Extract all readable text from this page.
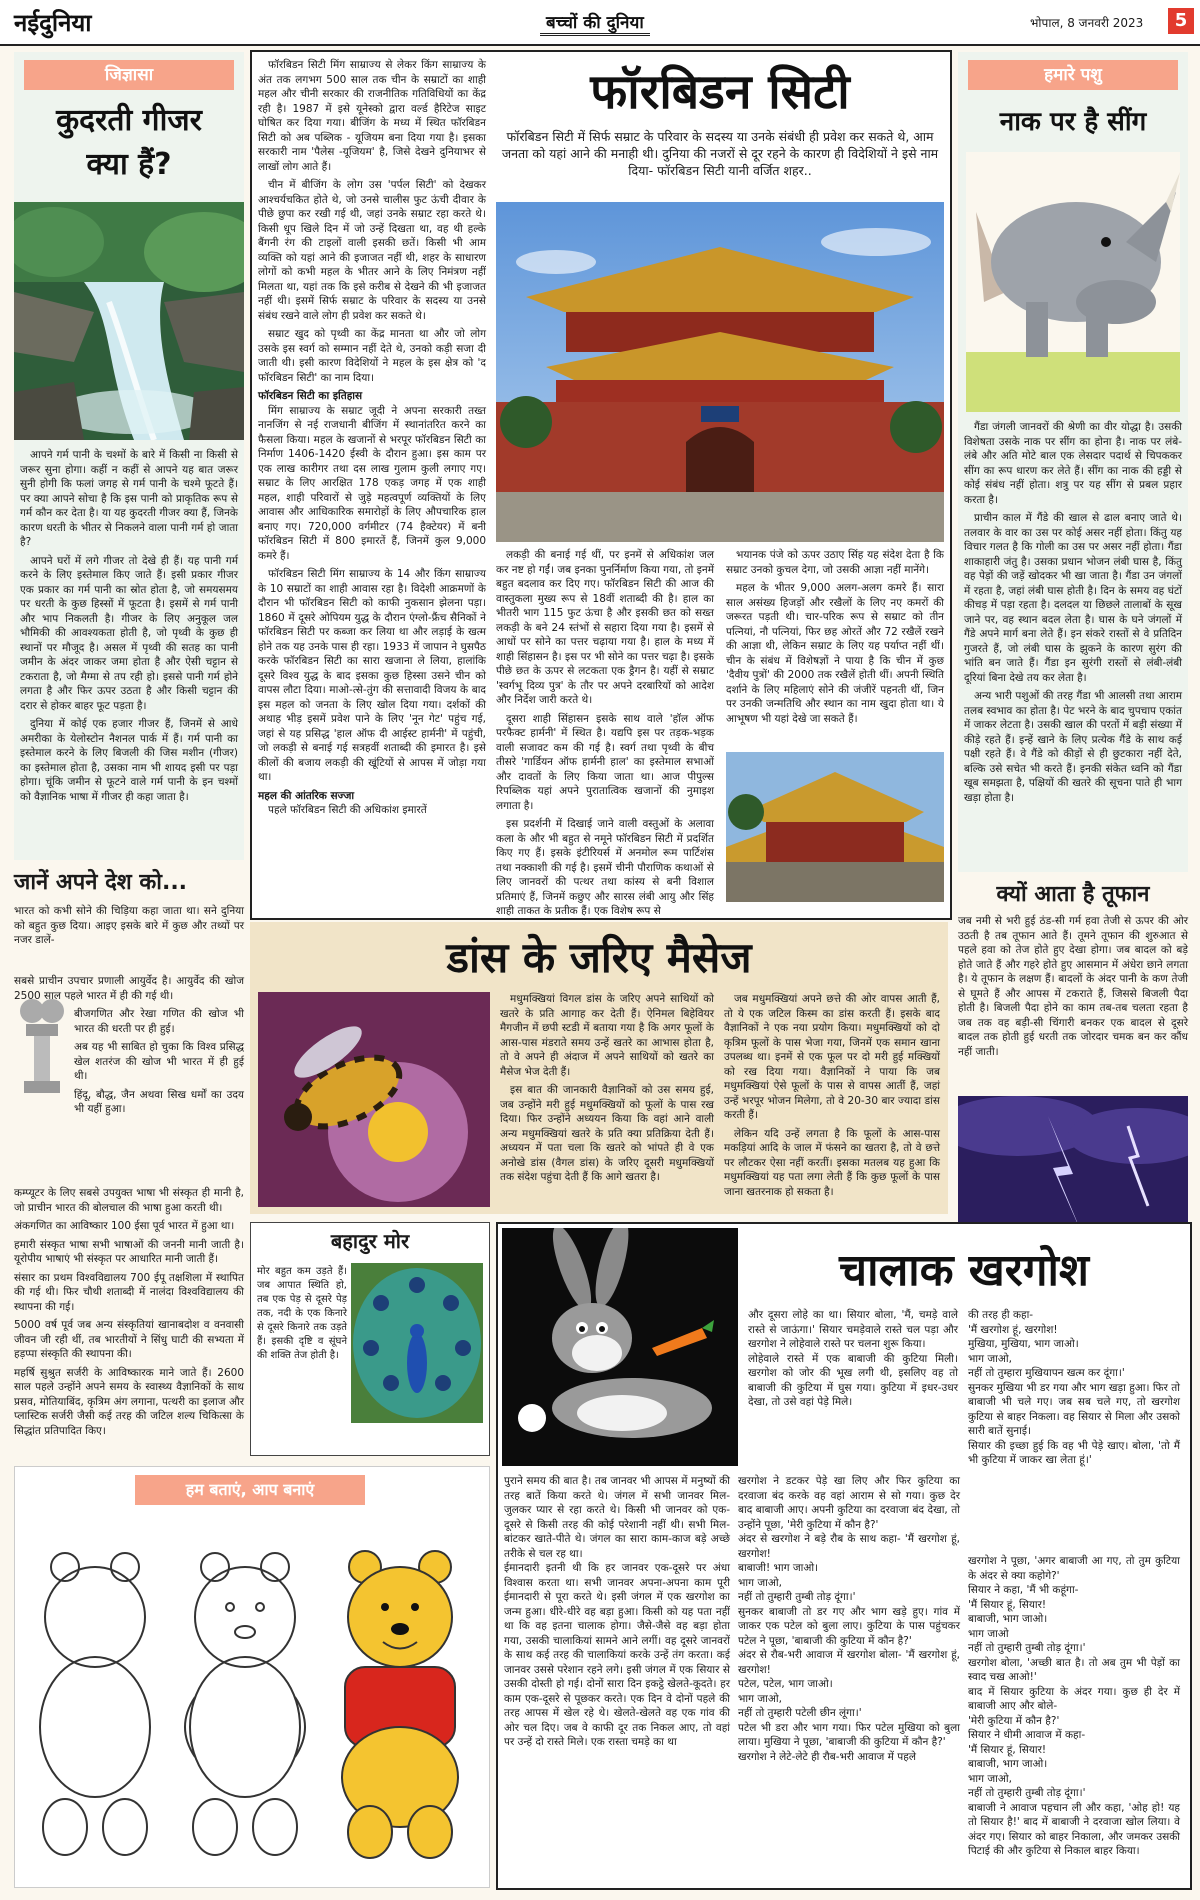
नईदुनिया	बच्चों की दुनिया	भोपाल, 8 जनवरी 2023	5
जिज्ञासा
कुदरती गीजर
क्या हैं?

आपने गर्म पानी के चश्मों के बारे में किसी ना किसी से जरूर सुना होगा। कहीं न कहीं से आपने यह बात जरूर सुनी होगी कि फलां जगह से गर्म पानी के चश्मे फूटते हैं। पर क्या आपने सोचा है कि इस पानी को प्राकृतिक रूप से गर्म कौन कर देता है। या यह कुदरती गीजर क्या हैं, जिनके कारण धरती के भीतर से निकलने वाला पानी गर्म हो जाता है?

आपने घरों में लगे गीजर तो देखे ही हैं। यह पानी गर्म करने के लिए इस्तेमाल किए जाते हैं। इसी प्रकार गीजर एक प्रकार का गर्म पानी का स्रोत होता है, जो समयसमय पर धरती के कुछ हिस्सों में फूटता है। इसमें से गर्म पानी और भाप निकलती है। गीजर के लिए अनुकूल जल भौमिकी की आवश्यकता होती है, जो पृथ्वी के कुछ ही स्थानों पर मौजूद है। असल में पृथ्वी की सतह का पानी जमीन के अंदर जाकर जमा होता है और ऐसी चट्टान से टकराता है, जो मैग्मा से तप रही हो। इससे पानी गर्म होने लगता है और फिर ऊपर उठता है और किसी चट्टान की दरार से होकर बाहर फूट पड़ता है।

दुनिया में कोई एक हजार गीजर हैं, जिनमें से आधे अमरीका के येलोस्टोन नैशनल पार्क में हैं। गर्म पानी का इस्तेमाल करने के लिए बिजली की जिस मशीन (गीजर) का इस्तेमाल होता है, उसका नाम भी शायद इसी पर पड़ा होगा। चूंकि जमीन से फूटने वाले गर्म पानी के इन चश्मों को वैज्ञानिक भाषा में गीजर ही कहा जाता है।

जानें अपने देश को...
भारत को कभी सोने की चिड़िया कहा जाता था। सने दुनिया को बहुत कुछ दिया। आइए इसके बारे में कुछ और तथ्यों पर नजर डालें-
सबसे प्राचीन उपचार प्रणाली आयुर्वेद है। आयुर्वेद की खोज 2500 साल पहले भारत में ही की गई थी।
बीजगणित और रेखा गणित की खोज भी भारत की धरती पर ही हुई।
अब यह भी साबित हो चुका कि विश्व प्रसिद्ध खेल शतरंज की खोज भी भारत में ही हुई थी।
हिंदू, बौद्ध, जैन अथवा सिख धर्मों का उदय भी यहीं हुआ।
कम्प्यूटर के लिए सबसे उपयुक्त भाषा भी संस्कृत ही मानी है, जो प्राचीन भारत की बोलचाल की भाषा हुआ करती थी।
अंकगणित का आविष्कार 100 ईसा पूर्व भारत में हुआ था।
हमारी संस्कृत भाषा सभी भाषाओं की जननी मानी जाती है। यूरोपीय भाषाएं भी संस्कृत पर आधारित मानी जाती हैं।
संसार का प्रथम विश्वविद्यालय 700 ईपू तक्षशिला में स्थापित की गई थी। फिर चौथी शताब्दी में नालंदा विश्वविद्यालय की स्थापना की गई।
5000 वर्ष पूर्व जब अन्य संस्कृतियां खानाबदोश व वनवासी जीवन जी रही थीं, तब भारतीयों ने सिंधु घाटी की सभ्यता में हड़प्पा संस्कृति की स्थापना की।
महर्षि सुश्रुत सर्जरी के आविष्कारक माने जाते हैं। 2600 साल पहले उन्होंने अपने समय के स्वास्थ्य वैज्ञानिकों के साथ प्रसव, मोतियाबिंद, कृत्रिम अंग लगाना, पत्थरी का इलाज और प्लास्टिक सर्जरी जैसी कई तरह की जटिल शल्य चिकित्सा के सिद्धांत प्रतिपादित किए।

फॉरबिडन सिटी मिंग साम्राज्य से लेकर किंग साम्राज्य के अंत तक लगभग 500 साल तक चीन के सम्राटों का शाही महल और चीनी सरकार की राजनीतिक गतिविधियों का केंद्र रही है। 1987 में इसे यूनेस्को द्वारा वर्ल्ड हैरिटेज साइट घोषित कर दिया गया। बीजिंग के मध्य में स्थित फॉरबिडन सिटी को अब पब्लिक - यूजियम बना दिया गया है। इसका सरकारी नाम 'पैलेस -यूजियम' है, जिसे देखने दुनियाभर से लाखों लोग आते हैं।

चीन में बीजिंग के लोग उस 'पर्पल सिटी' को देखकर आश्चर्यचकित होते थे, जो उनसे चालीस फुट ऊंची दीवार के पीछे छुपा कर रखी गई थी, जहां उनके सम्राट रहा करते थे। किसी धूप खिले दिन में जो उन्हें दिखता था, वह थी हल्के बैंगनी रंग की टाइलों वाली इसकी छतें। किसी भी आम व्यक्ति को यहां आने की इजाजत नहीं थी, शहर के साधारण लोगों को कभी महल के भीतर आने के लिए निमंत्रण नहीं मिलता था, यहां तक कि इसे करीब से देखने की भी इजाजत नहीं थी। इसमें सिर्फ सम्राट के परिवार के सदस्य या उनसे संबंध रखने वाले लोग ही प्रवेश कर सकते थे।

सम्राट खुद को पृथ्वी का केंद्र मानता था और जो लोग उसके इस स्वर्ग को सम्मान नहीं देते थे, उनको कड़ी सजा दी जाती थी। इसी कारण विदेशियों ने महल के इस क्षेत्र को 'द फॉरबिडन सिटी' का नाम दिया।

फॉरबिडन सिटी का इतिहास

मिंग साम्राज्य के सम्राट जूदी ने अपना सरकारी तख्त नानजिंग से नई राजधानी बीजिंग में स्थानांतरित करने का फैसला किया। महल के खजानों से भरपूर फॉरबिडन सिटी का निर्माण 1406-1420 ईस्वी के दौरान हुआ। इस काम पर एक लाख कारीगर तथा दस लाख गुलाम कुली लगाए गए। सम्राट के लिए आरक्षित 178 एकड़ जगह में एक शाही महल, शाही परिवारों से जुड़े महत्वपूर्ण व्यक्तियों के लिए आवास और आधिकारिक समारोहों के लिए औपचारिक हाल बनाए गए। 720,000 वर्गमीटर (74 हैक्टेयर) में बनी फॉरबिडन सिटी में 800 इमारतें हैं, जिनमें कुल 9,000 कमरे हैं।

फॉरबिडन सिटी मिंग साम्राज्य के 14 और किंग साम्राज्य के 10 सम्राटों का शाही आवास रहा है। विदेशी आक्रमणों के दौरान भी फॉरबिडन सिटी को काफी नुकसान झेलना पड़ा। 1860 में दूसरे ओपियम युद्ध के दौरान एंग्लो-फ्रैंच सैनिकों ने फॉरबिडन सिटी पर कब्जा कर लिया था और लड़ाई के खत्म होने तक यह उनके पास ही रहा। 1933 में जापान ने घुसपैठ करके फॉरबिडन सिटी का सारा खजाना ले लिया, हालांकि दूसरे विश्व युद्ध के बाद इसका कुछ हिस्सा उसने चीन को वापस लौटा दिया। माओ-त्से-तुंग की सत्तावादी विजय के बाद इस महल को जनता के लिए खोल दिया गया। दर्शकों की अथाह भीड़ इसमें प्रवेश पाने के लिए 'नून गेट' पहुंच गई, जहां से यह प्रसिद्ध 'हाल ऑफ दी आईस्ट हार्मनी' में पहुंची, जो लकड़ी से बनाई गई सत्रहवीं शताब्दी की इमारत है। इसे कीलों की बजाय लकड़ी की खूंटियों से आपस में जोड़ा गया था।

महल की आंतरिक सज्जा

पहले फॉरबिडन सिटी की अधिकांश इमारतें

फॉरबिडन सिटी
फॉरबिडन सिटी में सिर्फ सम्राट के परिवार के सदस्य या उनके संबंधी ही प्रवेश कर सकते थे, आम जनता को यहां आने की मनाही थी। दुनिया की नजरों से दूर रहने के कारण ही विदेशियों ने इसे नाम दिया- फॉरबिडन सिटी यानी वर्जित शहर..

लकड़ी की बनाई गई थीं, पर इनमें से अधिकांश जल कर नष्ट हो गईं। जब इनका पुनर्निर्माण किया गया, तो इनमें बहुत बदलाव कर दिए गए। फॉरबिडन सिटी की आज की वास्तुकला मुख्य रूप से 18वीं शताब्दी की है। हाल का भीतरी भाग 115 फुट ऊंचा है और इसकी छत को सख्त लकड़ी के बने 24 स्तंभों से सहारा दिया गया है। इसमें से आधों पर सोने का पत्तर चढ़ाया गया है। हाल के मध्य में शाही सिंहासन है। इस पर भी सोने का पत्तर चढ़ा है। इसके पीछे छत के ऊपर से लटकता एक ड्रैगन है। यहीं से सम्राट 'स्वर्गभू दिव्य पुत्र' के तौर पर अपने दरबारियों को आदेश और निर्देश जारी करते थे।

दूसरा शाही सिंहासन इसके साथ वाले 'हॉल ऑफ परफैक्ट हार्मनी' में स्थित है। यद्यपि इस पर तड़क-भड़क वाली सजावट कम की गई है। स्वर्ग तथा पृथ्वी के बीच तीसरे 'गार्डियन ऑफ हार्मनी हाल' का इस्तेमाल सभाओं और दावतों के लिए किया जाता था। आज पीपुल्स रिपब्लिक यहां अपने पुरातात्विक खजानों की नुमाइश लगाता है।

इस प्रदर्शनी में दिखाई जाने वाली वस्तुओं के अलावा कला के और भी बहुत से नमूने फॉरबिडन सिटी में प्रदर्शित किए गए हैं। इसके इंटीरियर्स में अनमोल रूम पार्टिशंस तथा नक्काशी की गई है। इसमें चीनी पौराणिक कथाओं से लिए जानवरों की पत्थर तथा कांस्य से बनी विशाल प्रतिमाएं हैं, जिनमें कछुए और सारस लंबी आयु और सिंह शाही ताकत के प्रतीक हैं। एक विशेष रूप से

भयानक पंजे को ऊपर उठाए सिंह यह संदेश देता है कि सम्राट उनको कुचल देगा, जो उसकी आज्ञा नहीं मानेंगे।

महल के भीतर 9,000 अलग-अलग कमरे हैं। सारा साल असंख्य हिजड़ों और रखैलों के लिए नए कमरों की जरूरत पड़ती थी। चार-परिक रूप से सम्राट को तीन पत्नियां, नौ पत्नियां, फिर छह ओरतें और 72 रखैलें रखने की आज्ञा थी, लेकिन सम्राट के लिए यह पर्याप्त नहीं थीं। चीन के संबंध में विशेषज्ञों ने पाया है कि चीन में कुछ 'दैवीय पुत्रों' की 2000 तक रखैलें होती थीं। अपनी स्थिति दर्शाने के लिए महिलाएं सोने की जंजीरें पहनती थीं, जिन पर उनकी जन्मतिथि और स्थान का नाम खुदा होता था। ये आभूषण भी यहां देखे जा सकते हैं।

हमारे पशु
नाक पर है सींग

गैंडा जंगली जानवरों की श्रेणी का वीर योद्धा है। उसकी विशेषता उसके नाक पर सींग का होना है। नाक पर लंबे-लंबे और अति मोटे बाल एक लेसदार पदार्थ से चिपककर सींग का रूप धारण कर लेते हैं। सींग का नाक की हड्डी से कोई संबंध नहीं होता। शत्रु पर यह सींग से प्रबल प्रहार करता है।

प्राचीन काल में गैंडे की खाल से ढाल बनाए जाते थे। तलवार के वार का उस पर कोई असर नहीं होता। किंतु यह विचार गलत है कि गोली का उस पर असर नहीं होता। गैंडा शाकाहारी जंतु है। उसका प्रधान भोजन लंबी घास है, किंतु वह पेड़ों की जड़ें खोदकर भी खा जाता है। गैंडा उन जंगलों में रहता है, जहां लंबी घास होती है। दिन के समय वह घंटों कीचड़ में पड़ा रहता है। दलदल या छिछले तालाबों के सूख जाने पर, वह स्थान बदल लेता है। घास के घने जंगलों में गैंडे अपने मार्ग बना लेते हैं। इन संकरे रास्तों से वे प्रतिदिन गुजरते हैं, जो लंबी घास के झुकने के कारण सुरंग की भांति बन जाते हैं। गैंडा इन सुरंगी रास्तों से लंबी-लंबी दूरियां बिना देखे तय कर लेता है।

अन्य भारी पशुओं की तरह गैंडा भी आलसी तथा आराम तलब स्वभाव का होता है। पेट भरने के बाद चुपचाप एकांत में जाकर लेटता है। उसकी खाल की परतों में बड़ी संख्या में कीड़े रहते हैं। इन्हें खाने के लिए प्रत्येक गैंडे के साथ कई पक्षी रहते हैं। वे गैंडे को कीड़ों से ही छुटकारा नहीं देते, बल्कि उसे सचेत भी करते हैं। इनकी संकेत ध्वनि को गैंडा खूब समझता है, पक्षियों की खतरे की सूचना पाते ही भाग खड़ा होता है।

क्यों आता है तूफान
जब नमी से भरी हुई ठंड-सी गर्म हवा तेजी से ऊपर की ओर उठती है तब तूफान आते हैं। तूमने तूफान की शुरुआत से पहले हवा को तेज होते हुए देखा होगा। जब बादल को बड़े होते जाते हैं और गहरे होते हुए आसमान में अंधेरा छाने लगता है। ये तूफान के लक्षण हैं। बादलों के अंदर पानी के कण तेजी से घूमते हैं और आपस में टकराते हैं, जिससे बिजली पैदा होती है। बिजली पैदा होने का काम तब-तब चलता रहता है जब तक वह बड़ी-सी चिंगारी बनकर एक बादल से दूसरे बादल तक होती हुई धरती तक जोरदार चमक बन कर कौंध नहीं जाती।
डांस के जरिए मैसेज

मधुमक्खियां विगल डांस के जरिए अपने साथियों को खतरे के प्रति आगाह कर देती हैं। ऐनिमल बिहेवियर मैगजीन में छपी स्टडी में बताया गया है कि अगर फूलों के आस-पास मंडराते समय उन्हें खतरे का आभास होता है, तो वे अपने ही अंदाज में अपने साथियों को खतरे का मैसेज भेज देती हैं।

इस बात की जानकारी वैज्ञानिकों को उस समय हुई, जब उन्होंने मरी हुई मधुमक्खियों को फूलों के पास रख दिया। फिर उन्होंने अध्ययन किया कि वहां आने वाली अन्य मधुमक्खियां खतरे के प्रति क्या प्रतिक्रिया देती हैं। अध्ययन में पता चला कि खतरे को भांपते ही वे एक अनोखे डांस (वैगल डांस) के जरिए दूसरी मधुमक्खियों तक संदेश पहुंचा देती हैं कि आगे खतरा है।

जब मधुमक्खियां अपने छत्ते की ओर वापस आती हैं, तो ये एक जटिल किस्म का डांस करती हैं। इसके बाद वैज्ञानिकों ने एक नया प्रयोग किया। मधुमक्खियों को दो कृत्रिम फूलों के पास भेजा गया, जिनमें एक समान खाना उपलब्ध था। इनमें से एक फूल पर दो मरी हुई मक्खियों को रख दिया गया। वैज्ञानिकों ने पाया कि जब मधुमक्खियां ऐसे फूलों के पास से वापस आतीं हैं, जहां उन्हें भरपूर भोजन मिलेगा, तो वे 20-30 बार ज्यादा डांस करती हैं।

लेकिन यदि उन्हें लगता है कि फूलों के आस-पास मकड़ियां आदि के जाल में फंसने का खतरा है, तो वे छत्ते पर लौटकर ऐसा नहीं करतीं। इसका मतलब यह हुआ कि मधुमक्खियां यह पता लगा लेती हैं कि कुछ फूलों के पास जाना खतरनाक हो सकता है।

बहादुर मोर
मोर बहुत कम उड़ते हैं। जब आपात स्थिति हो, तब एक पेड़ से दूसरे पेड़ तक, नदी के एक किनारे से दूसरे किनारे तक उड़ते हैं। इसकी दृष्टि व सूंघने की शक्ति तेज होती है।
हम बताएं, आप बनाएं
चालाक खरगोश
और दूसरा लोहे का था। सियार बोला, 'मैं, चमड़े वाले रास्ते से जाऊंगा।' सियार चमड़ेवाले रास्ते चल पड़ा और खरगोश ने लोहेवाले रास्ते पर चलना शुरू किया।
लोहेवाले रास्ते में एक बाबाजी की कुटिया मिली। खरगोश को जोर की भूख लगी थी, इसलिए वह तो बाबाजी की कुटिया में घुस गया। कुटिया में इधर-उधर देखा, तो उसे वहां पेड़े मिले।
की तरह ही कहा-
'मैं खरगोश हूं, खरगोश!
मुखिया, मुखिया, भाग जाओ।
भाग जाओ,
नहीं तो तुम्हारा मुखियापन खत्म कर दूंगा।'
सुनकर मुखिया भी डर गया और भाग खड़ा हुआ। फिर तो बाबाजी भी चले गए। जब सब चले गए, तो खरगोश कुटिया से बाहर निकला। वह सियार से मिला और उसको सारी बातें सुनाई।
सियार की इच्छा हुई कि वह भी पेड़े खाए। बोला, 'तो मैं भी कुटिया में जाकर खा लेता हूं।'
पुराने समय की बात है। तब जानवर भी आपस में मनुष्यों की तरह बातें किया करते थे। जंगल में सभी जानवर मिल-जुलकर प्यार से रहा करते थे। किसी भी जानवर को एक-दूसरे से किसी तरह की कोई परेशानी नहीं थी। सभी मिल-बांटकर खाते-पीते थे। जंगल का सारा काम-काज बड़े अच्छे तरीके से चल रह था।
ईमानदारी इतनी थी कि हर जानवर एक-दूसरे पर अंधा विश्वास करता था। सभी जानवर अपना-अपना काम पूरी ईमानदारी से पूरा करते थे। इसी जंगल में एक खरगोश का जन्म हुआ। धीरे-धीरे वह बड़ा हुआ। किसी को यह पता नहीं था कि वह इतना चालाक होगा। जैसे-जैसे वह बड़ा होता गया, उसकी चालाकियां सामने आने लगीं। वह दूसरे जानवरों के साथ कई तरह की चालाकियां करके उन्हें तंग करता। कई जानवर उससे परेशान रहने लगे। इसी जंगल में एक सियार से उसकी दोस्ती हो गई। दोनों सारा दिन इकट्ठे खेलते-कूदते। हर काम एक-दूसरे से पूछकर करते। एक दिन वे दोनों पहले की तरह आपस में खेल रहे थे। खेलते-खेलते वह एक गांव की ओर चल दिए। जब वे काफी दूर तक निकल आए, तो वहां पर उन्हें दो रास्ते मिले। एक रास्ता चमड़े का था
खरगोश ने डटकर पेड़े खा लिए और फिर कुटिया का दरवाजा बंद करके वह वहां आराम से सो गया। कुछ देर बाद बाबाजी आए। अपनी कुटिया का दरवाजा बंद देखा, तो उन्होंने पूछा, 'मेरी कुटिया में कौन है?'
अंदर से खरगोश ने बड़े रौब के साथ कहा- 'मैं खरगोश हूं, खरगोश!
बाबाजी! भाग जाओ।
भाग जाओ,
नहीं तो तुम्हारी तुम्बी तोड़ दूंगा।'
सुनकर बाबाजी तो डर गए और भाग खड़े हुए। गांव में जाकर एक पटेल को बुला लाए। कुटिया के पास पहुंचकर पटेल ने पूछा, 'बाबाजी की कुटिया में कौन है?'
अंदर से रौब-भरी आवाज में खरगोश बोला- 'मैं खरगोश हूं, खरगोश!
पटेल, पटेल, भाग जाओ।
भाग जाओ,
नहीं तो तुम्हारी पटेली छीन लूंगा।'
पटेल भी डरा और भाग गया। फिर पटेल मुखिया को बुला लाया। मुखिया ने पूछा, 'बाबाजी की कुटिया में कौन है?'
खरगोश ने लेटे-लेटे ही रौब-भरी आवाज में पहले
खरगोश ने पूछा, 'अगर बाबाजी आ गए, तो तुम कुटिया के अंदर से क्या कहोगे?'
सियार ने कहा, 'मैं भी कहूंगा-
'मैं सियार हूं, सियार!
बाबाजी, भाग जाओ।
भाग जाओ
नहीं तो तुम्हारी तुम्बी तोड़ दूंगा।'
खरगोश बोला, 'अच्छी बात है। तो अब तुम भी पेड़ों का स्वाद चख आओ!'
बाद में सियार कुटिया के अंदर गया। कुछ ही देर में बाबाजी आए और बोले-
'मेरी कुटिया में कौन है?'
सियार ने धीमी आवाज में कहा-
'मैं सियार हूं, सियार!
बाबाजी, भाग जाओ।
भाग जाओ,
नहीं तो तुम्हारी तुम्बी तोड़ दूंगा।'
बाबाजी ने आवाज पहचान ली और कहा, 'ओह हो! यह तो सियार है!' बाद में बाबाजी ने दरवाजा खोल लिया। वे अंदर गए। सियार को बाहर निकाला, और जमकर उसकी पिटाई की और कुटिया से निकाल बाहर किया।
